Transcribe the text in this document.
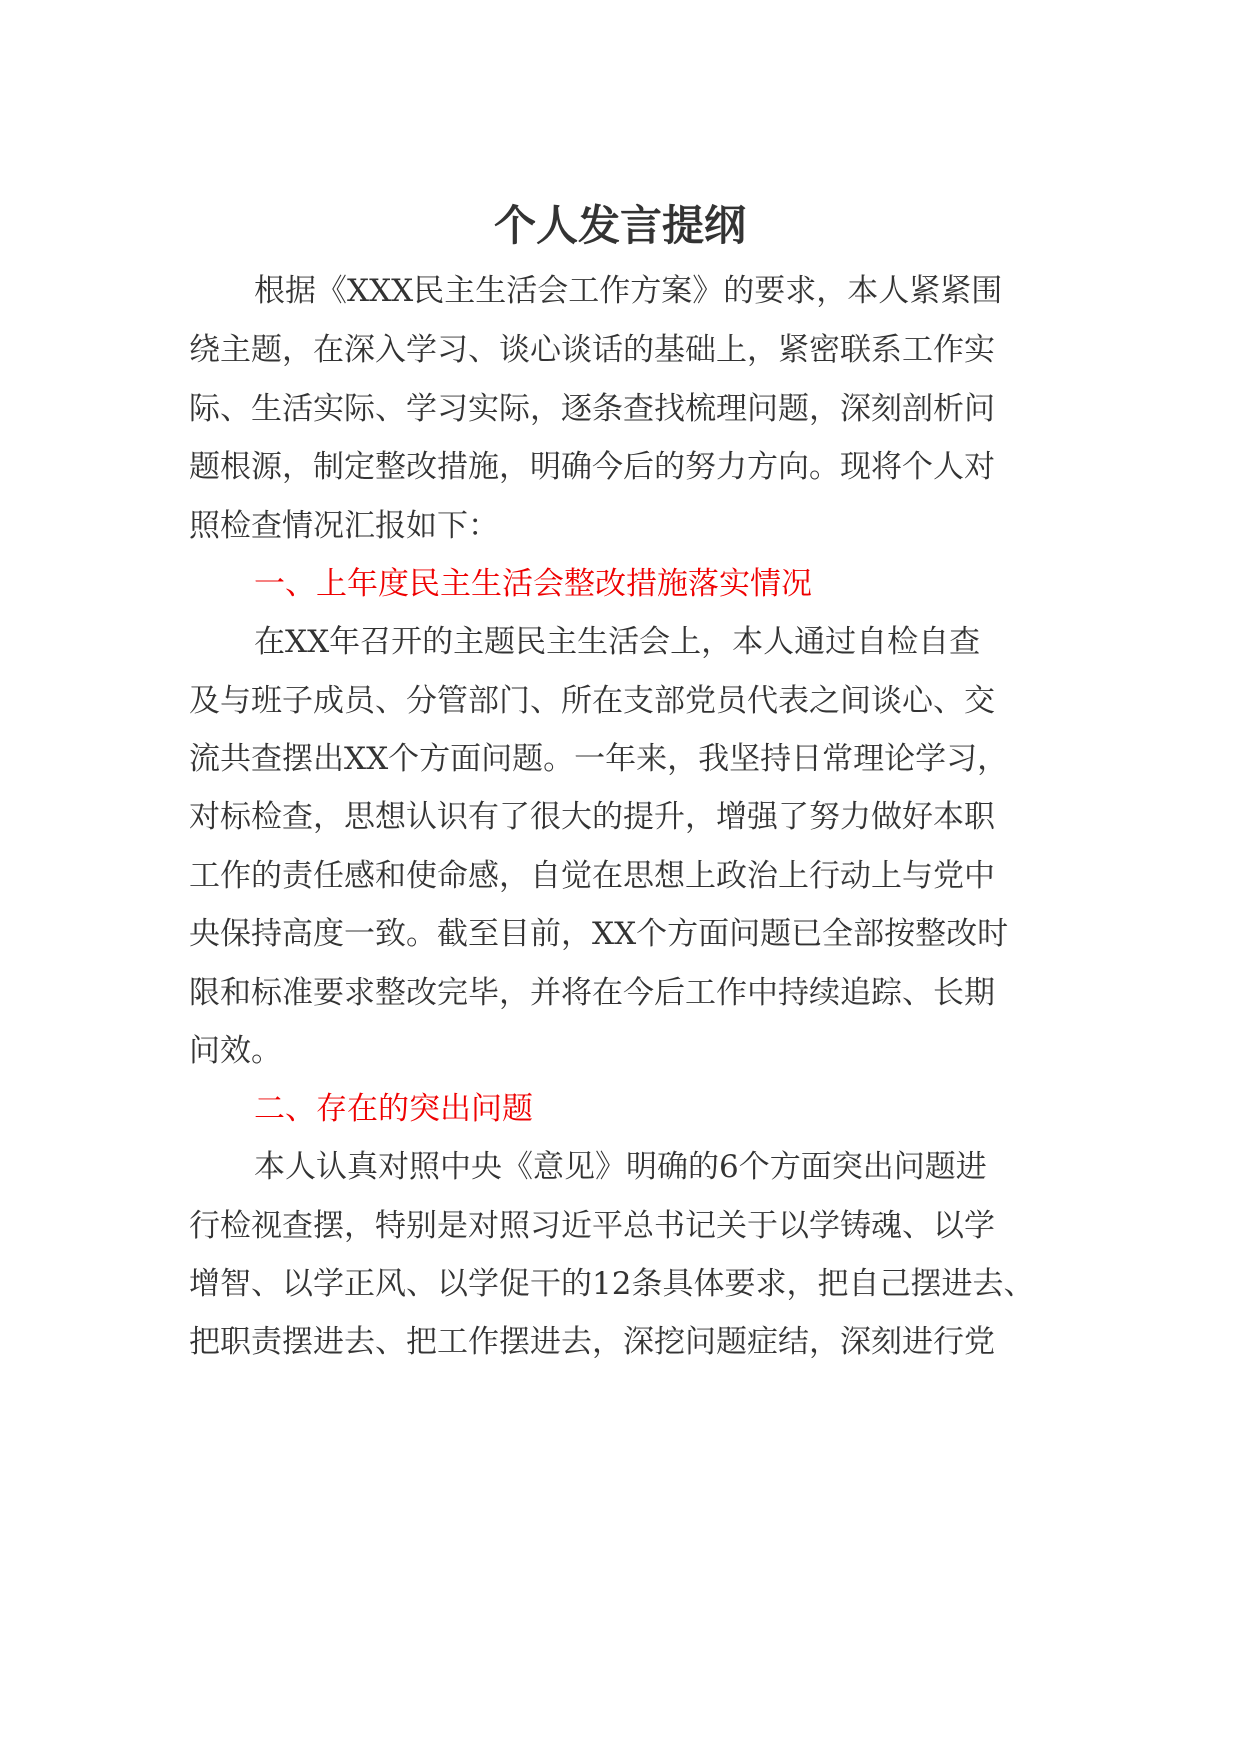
个人发言提纲
根据《XXX民主生活会工作方案》的要求，本人紧紧围
绕主题，在深入学习、谈心谈话的基础上，紧密联系工作实
际、生活实际、学习实际，逐条查找梳理问题，深刻剖析问
题根源，制定整改措施，明确今后的努力方向。现将个人对
照检查情况汇报如下：
一、上年度民主生活会整改措施落实情况
在XX年召开的主题民主生活会上，本人通过自检自查
及与班子成员、分管部门、所在支部党员代表之间谈心、交
流共查摆出XX个方面问题。一年来，我坚持日常理论学习，
对标检查，思想认识有了很大的提升，增强了努力做好本职
工作的责任感和使命感，自觉在思想上政治上行动上与党中
央保持高度一致。截至目前，XX个方面问题已全部按整改时
限和标准要求整改完毕，并将在今后工作中持续追踪、长期
问效。
二、存在的突出问题
本人认真对照中央《意见》明确的6个方面突出问题进
行检视查摆，特别是对照习近平总书记关于以学铸魂、以学
增智、以学正风、以学促干的12条具体要求，把自己摆进去、
把职责摆进去、把工作摆进去，深挖问题症结，深刻进行党
